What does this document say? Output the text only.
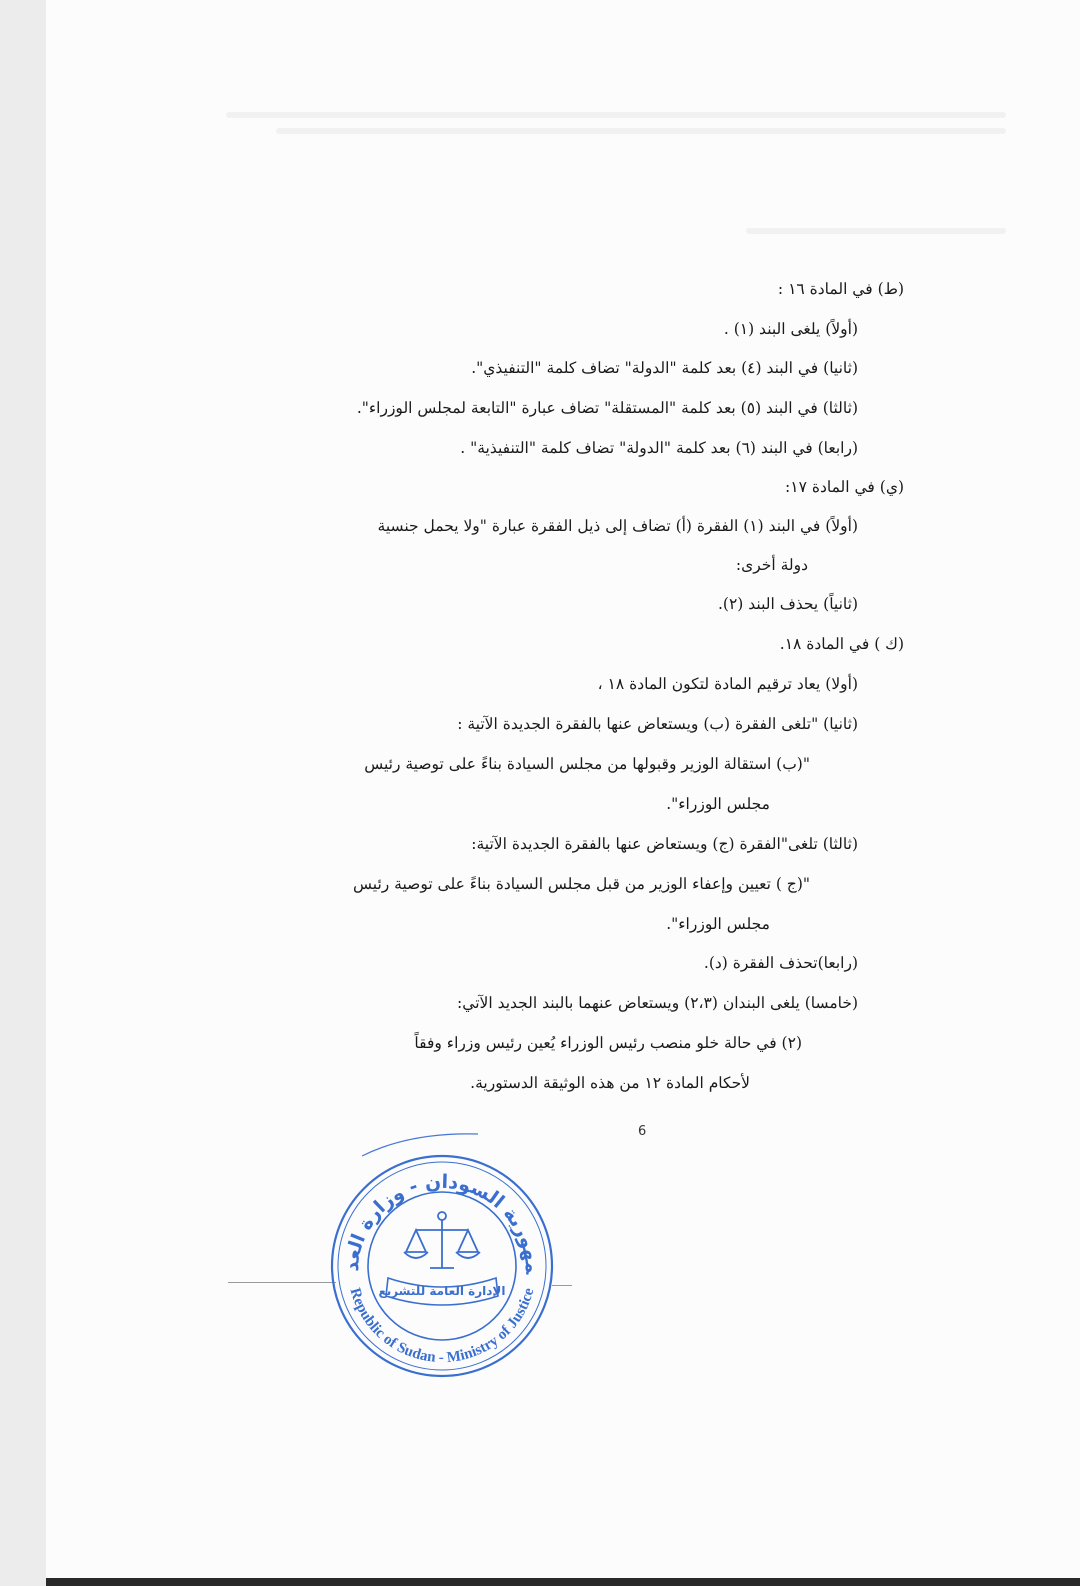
(ط) في المادة ١٦ :
(أولاً) يلغى البند (١) .
(ثانيا) في البند (٤) بعد كلمة "الدولة" تضاف كلمة "التنفيذي".
(ثالثا) في البند (٥) بعد كلمة "المستقلة" تضاف عبارة "التابعة لمجلس الوزراء".
(رابعا) في البند (٦) بعد كلمة "الدولة" تضاف كلمة "التنفيذية" .
(ي) في المادة ١٧:
(أولاً) في البند (١) الفقرة (أ) تضاف إلى ذيل الفقرة عبارة "ولا يحمل جنسية
دولة أخرى:
(ثانياً) يحذف البند (٢).
(ك ) في المادة ١٨.
(أولا) يعاد ترقيم المادة لتكون المادة ١٨ ،
(ثانيا) "تلغى الفقرة (ب) ويستعاض عنها بالفقرة الجديدة الآتية :
"(ب) استقالة الوزير وقبولها من مجلس السيادة بناءً على توصية رئيس
مجلس الوزراء".
(ثالثا) تلغى"الفقرة (ج) ويستعاض عنها بالفقرة الجديدة الآتية:
"(ج ) تعيين وإعفاء الوزير من قبل مجلس السيادة بناءً على توصية رئيس
مجلس الوزراء".
(رابعا)تحذف الفقرة (د).
(خامسا) يلغى البندان (٢،٣) ويستعاض عنهما بالبند الجديد الآتي:
(٢) في حالة خلو منصب رئيس الوزراء يُعين رئيس وزراء وفقاً
لأحكام المادة ١٢ من هذه الوثيقة الدستورية.
6
مهورية السودان - وزارة العد
Republic of Sudan - Ministry of Justice
الإدارة العامة للتشريع
